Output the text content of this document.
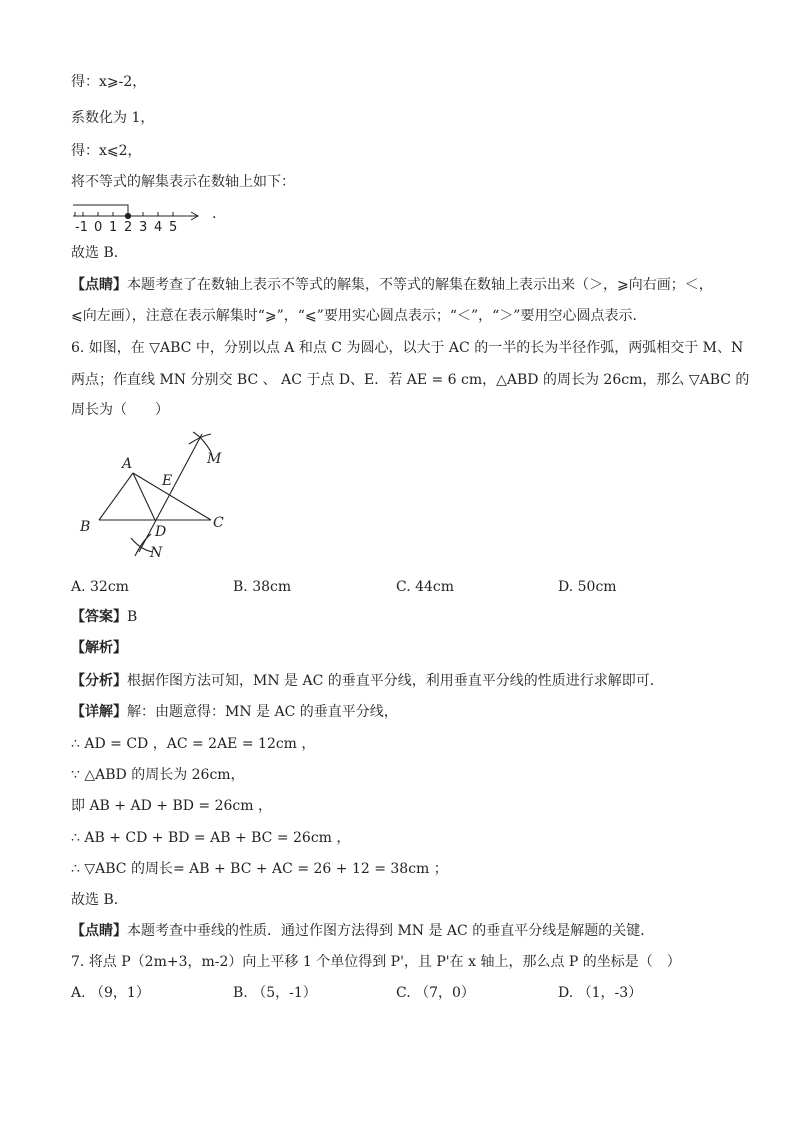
得：x⩾-2，
系数化为 1，
得：x⩽2，
将不等式的解集表示在数轴上如下：
-1 0 1 2 3 4 5
.
故选 B．
【点睛】本题考查了在数轴上表示不等式的解集，不等式的解集在数轴上表示出来（＞，⩾向右画；＜，
⩽向左画），注意在表示解集时“⩾”，“⩽”要用实心圆点表示；“＜”，“＞”要用空心圆点表示．
6. 如图，在 ▽ABC 中，分别以点 A 和点 C 为圆心，以大于 AC 的一半的长为半径作弧，两弧相交于 M、N
两点；作直线 MN 分别交 BC 、 AC 于点 D、E．若 AE = 6 cm，△ABD 的周长为 26cm，那么 ▽ABC 的
周长为（　　）
A
B	C
D
E
M
N
A. 32cm	B. 38cm	C. 44cm	D. 50cm
【答案】B
【解析】
【分析】根据作图方法可知，MN 是 AC 的垂直平分线，利用垂直平分线的性质进行求解即可．
【详解】解：由题意得：MN 是 AC 的垂直平分线，
∴ AD = CD ，AC = 2AE = 12cm ，
∵ △ABD 的周长为 26cm，
即 AB + AD + BD = 26cm ，
∴ AB + CD + BD = AB + BC = 26cm ，
∴ ▽ABC 的周长= AB + BC + AC = 26 + 12 = 38cm ；
故选 B．
【点睛】本题考查中垂线的性质．通过作图方法得到 MN 是 AC 的垂直平分线是解题的关键．
7. 将点 P（2m+3，m-2）向上平移 1 个单位得到 P'，且 P'在 x 轴上，那么点 P 的坐标是（　）
A. （9，1）	B. （5，-1）	C. （7，0）	D. （1，-3）
